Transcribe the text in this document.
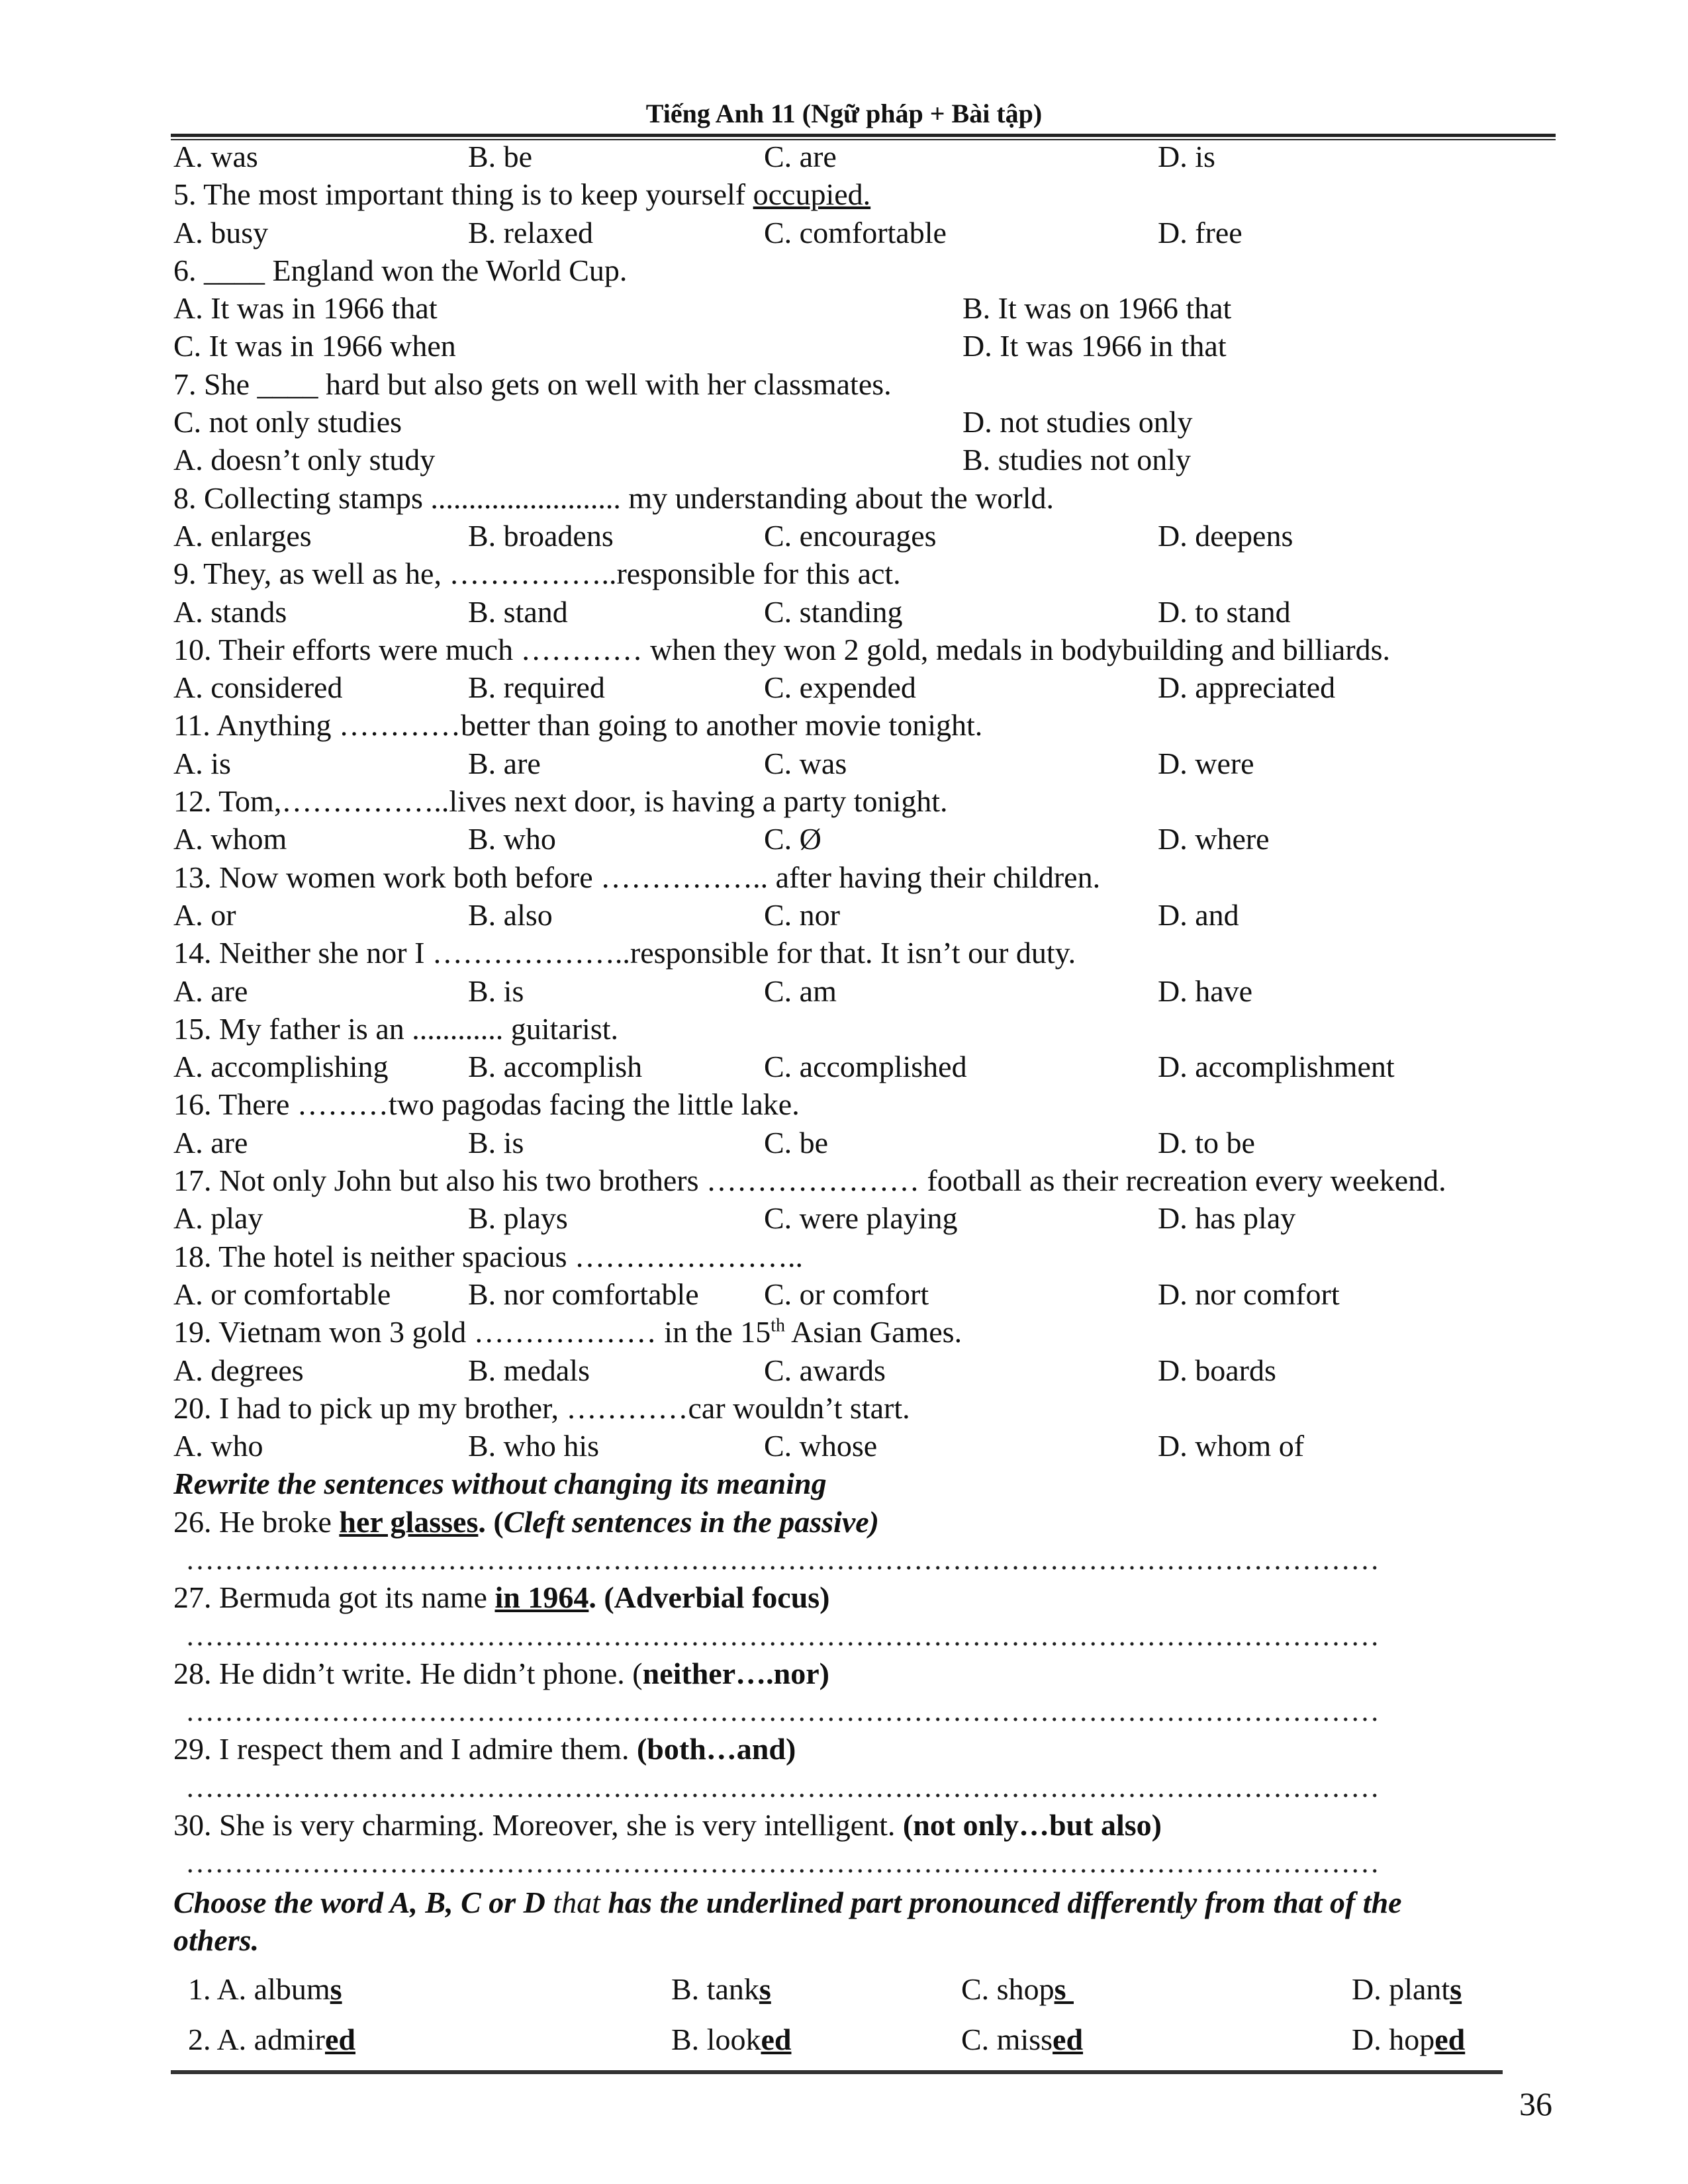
Tiếng Anh 11 (Ngữ pháp + Bài tập)
A. was	B. be	C. are	D. is
5. The most important thing is to keep yourself occupied.
A. busy	B. relaxed	C. comfortable	D. free
6. ____ England won the World Cup.
A. It was in 1966 that	B. It was on 1966 that
C. It was in 1966 when	D. It was 1966 in that
7. She ____ hard but also gets on well with her classmates.
C. not only studies	D. not studies only
A. doesn’t only study	B. studies not only
8. Collecting stamps ......................... my understanding about the world.
A. enlarges	B. broadens	C. encourages	D. deepens
9. They, as well as he, ……………..responsible for this act.
A. stands	B. stand	C. standing	D. to stand
10. Their efforts were much ………… when they won 2 gold, medals in bodybuilding and billiards.
A. considered	B. required	C. expended	D. appreciated
11. Anything …………better than going to another movie tonight.
A. is	B. are	C. was	D. were
12. Tom,……………..lives next door, is having a party tonight.
A. whom	B. who	C. Ø	D. where
13. Now women work both before …………….. after having their children.
A. or	B. also	C. nor	D. and
14. Neither she nor I ………………..responsible for that. It isn’t our duty.
A. are	B. is	C. am	D. have
15. My father is an ............ guitarist.
A. accomplishing	B. accomplish	C. accomplished	D. accomplishment
16. There ………two pagodas facing the little lake.
A. are	B. is	C. be	D. to be
17. Not only John but also his two brothers ………………… football as their recreation every weekend.
A. play	B. plays	C. were playing	D. has play
18. The hotel is neither spacious …………………..
A. or comfortable	B. nor comfortable	C. or comfort	D. nor comfort
19. Vietnam won 3 gold ……………… in the 15th Asian Games.
A. degrees	B. medals	C. awards	D. boards
20. I had to pick up my brother, …………car wouldn’t start.
A. who	B. who his	C. whose	D. whom of
Rewrite the sentences without changing its meaning
26. He broke her glasses. (Cleft sentences in the passive)
……………………………………………………………………………………………………………
27. Bermuda got its name in 1964. (Adverbial focus)
……………………………………………………………………………………………………………
28. He didn’t write. He didn’t phone. (neither….nor)
……………………………………………………………………………………………………………
29. I respect them and I admire them. (both…and)
……………………………………………………………………………………………………………
30. She is very charming. Moreover, she is very intelligent. (not only…but also)
……………………………………………………………………………………………………………
Choose the word A, B, C or D that has the underlined part pronounced differently from that of the
others.
1. A. albums	B. tanks	C. shops	D. plants
2. A. admired	B. looked	C. missed	D. hoped
36
